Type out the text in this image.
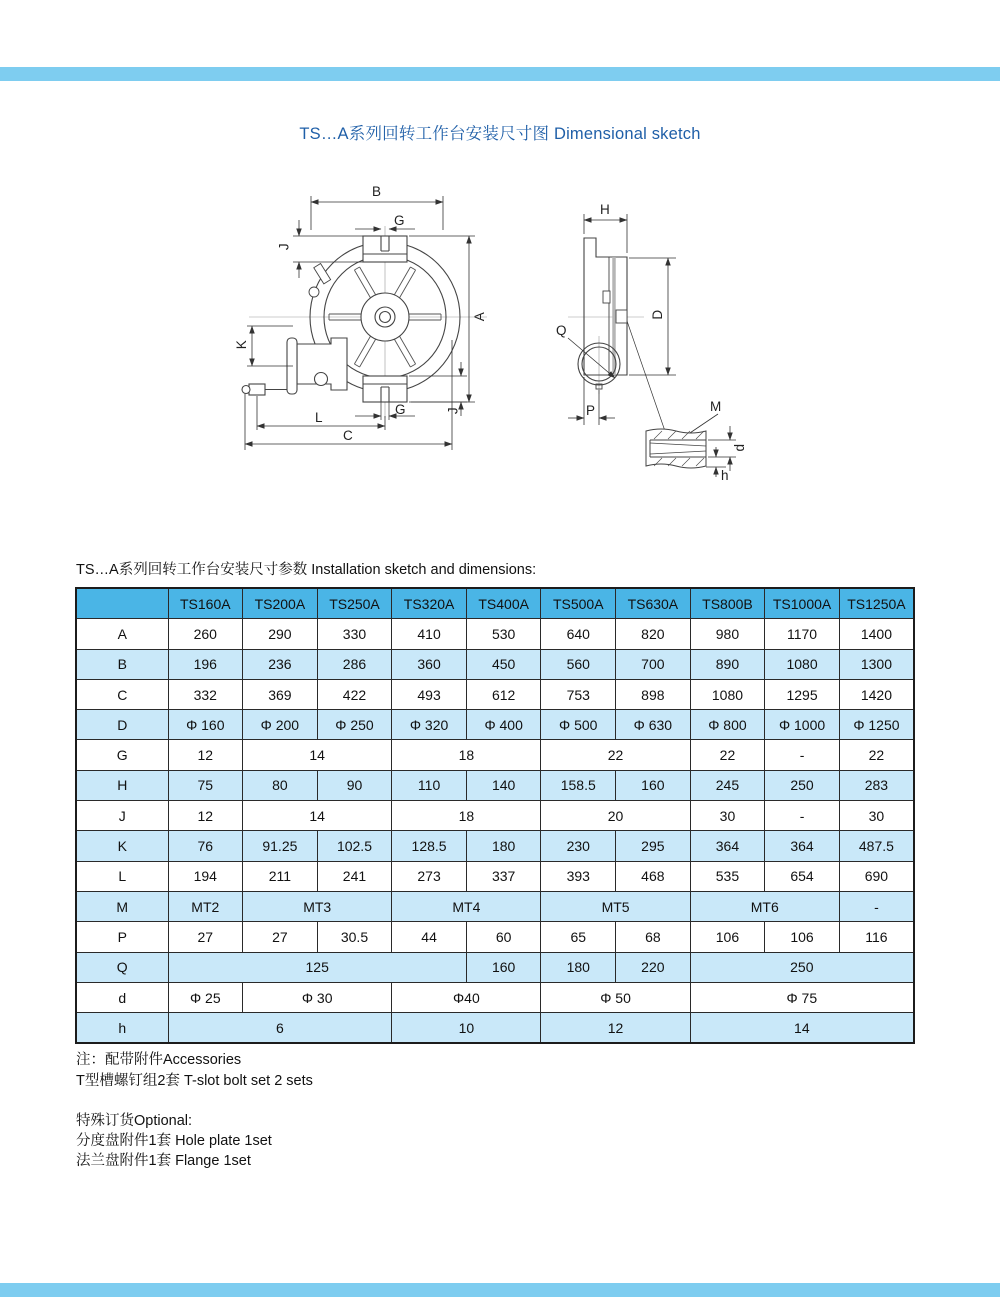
TS…A系列回转工作台安装尺寸图 Dimensional sketch
B
G
J
A
K
G	J
L
C
H
D
Q
P	M
d
h
TS…A系列回转工作台安装尺寸参数 Installation sketch and dimensions:
	TS160A	TS200A	TS250A	TS320A	TS400A	TS500A	TS630A	TS800B	TS1000A	TS1250A
A	260	290	330	410	530	640	820	980	1170	1400
B	196	236	286	360	450	560	700	890	1080	1300
C	332	369	422	493	612	753	898	1080	1295	1420
D	Φ 160	Φ 200	Φ 250	Φ 320	Φ 400	Φ 500	Φ 630	Φ 800	Φ 1000	Φ 1250
G	12	14		18		22		22	-	22
H	75	80	90	110	140	158.5	160	245	250	283
J	12	14		18		20		30	-	30
K	76	91.25	102.5	128.5	180	230	295	364	364	487.5
L	194	211	241	273	337	393	468	535	654	690
M	MT2	MT3		MT4		MT5		MT6		-
P	27	27	30.5	44	60	65	68	106	106	116
Q	125				160	180	220	250		
d	Φ 25	Φ 30		Φ40		Φ 50		Φ 75		
h	6			10		12		14		
注：配带附件Accessories
T型槽螺钉组2套 T-slot bolt set 2 sets
特殊订货Optional:
分度盘附件1套 Hole plate 1set
法兰盘附件1套 Flange 1set
